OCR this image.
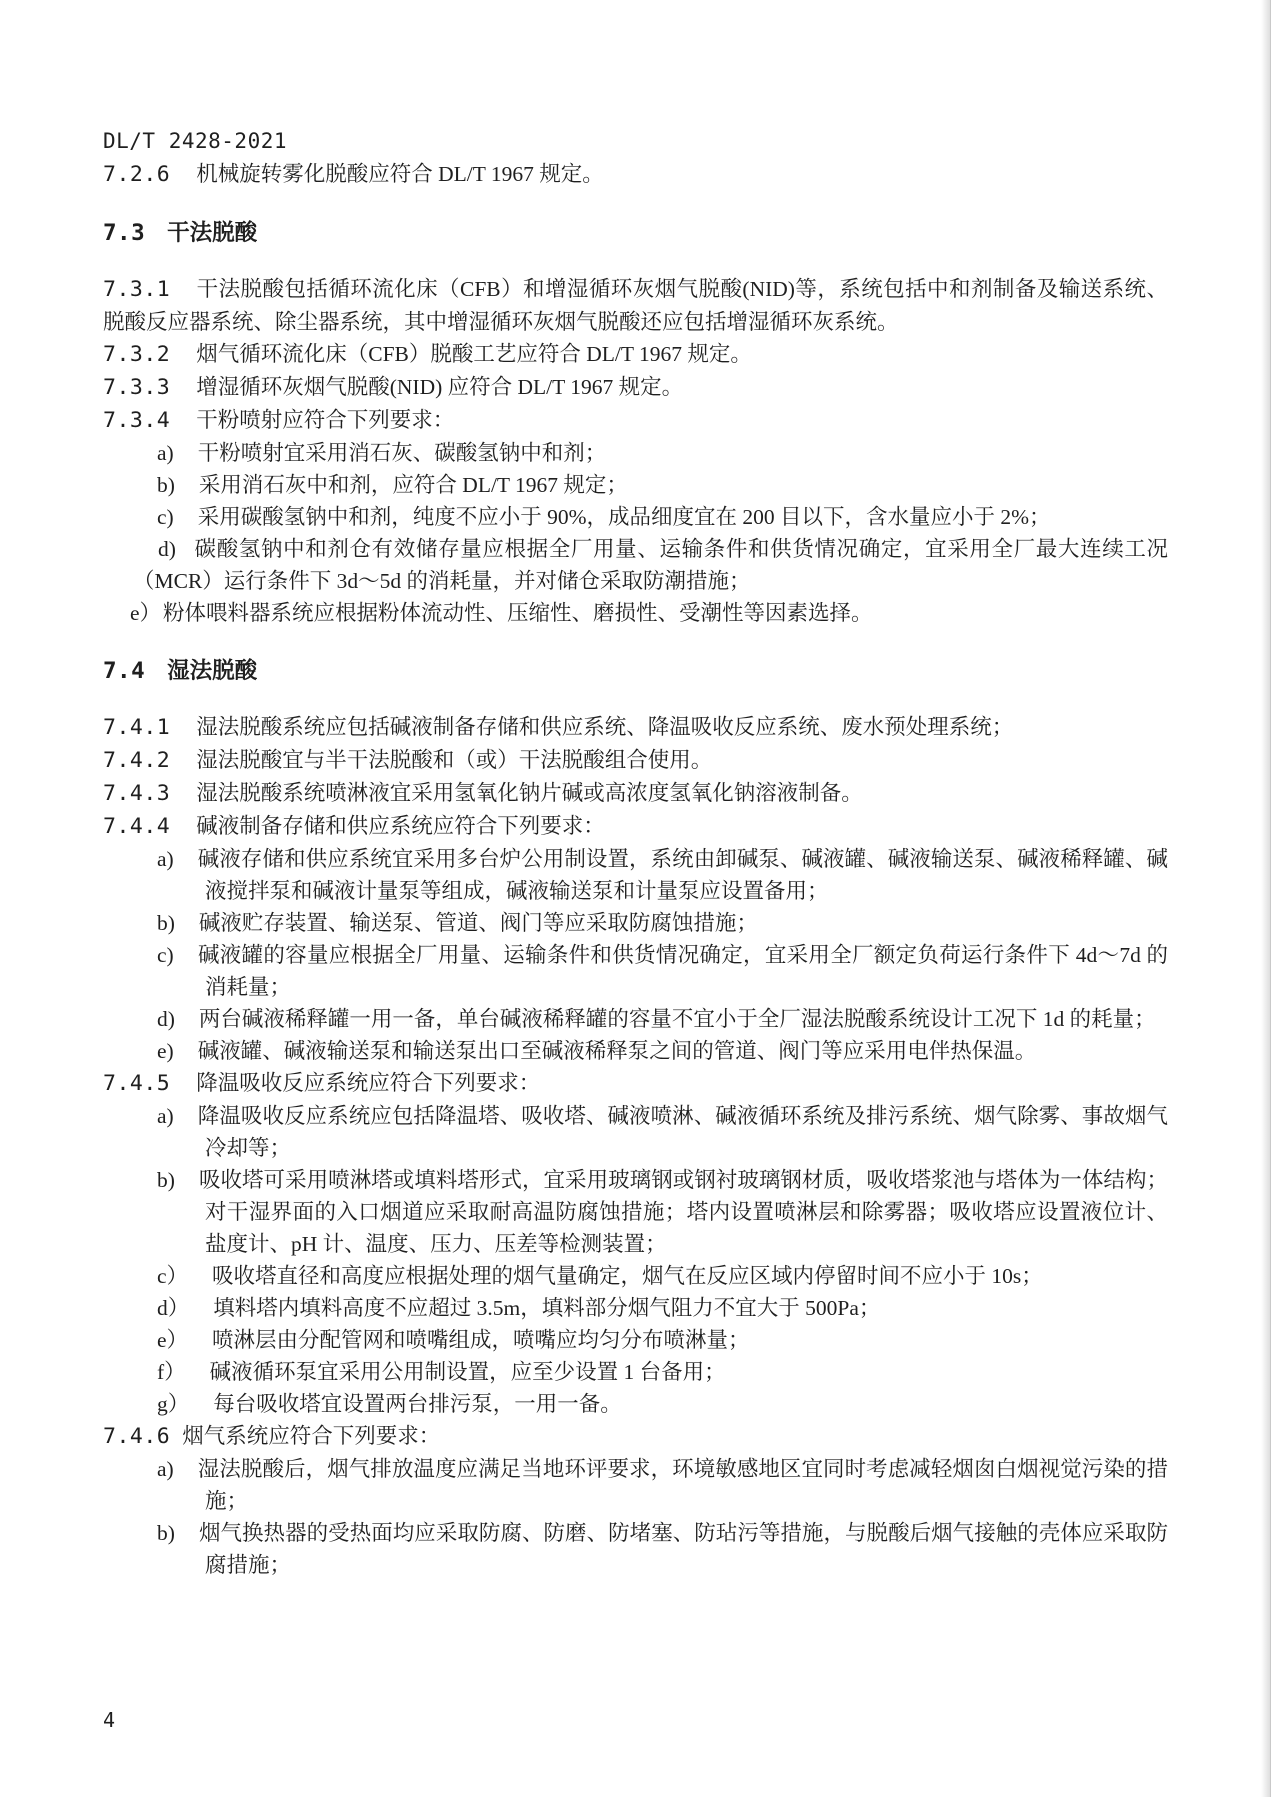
DL/T 2428-2021
7.2.6 机械旋转雾化脱酸应符合 DL/T 1967 规定。
7.3 干法脱酸
7.3.1 干法脱酸包括循环流化床（CFB）和增湿循环灰烟气脱酸(NID)等，系统包括中和剂制备及输送系统、脱酸反应器系统、除尘器系统，其中增湿循环灰烟气脱酸还应包括增湿循环灰系统。
7.3.2 烟气循环流化床（CFB）脱酸工艺应符合 DL/T 1967 规定。
7.3.3 增湿循环灰烟气脱酸(NID) 应符合 DL/T 1967 规定。
7.3.4 干粉喷射应符合下列要求：
a) 干粉喷射宜采用消石灰、碳酸氢钠中和剂；
b) 采用消石灰中和剂，应符合 DL/T 1967 规定；
c) 采用碳酸氢钠中和剂，纯度不应小于 90%，成品细度宜在 200 目以下，含水量应小于 2%；
d) 碳酸氢钠中和剂仓有效储存量应根据全厂用量、运输条件和供货情况确定，宜采用全厂最大连续工况（MCR）运行条件下 3d～5d 的消耗量，并对储仓采取防潮措施；
e）粉体喂料器系统应根据粉体流动性、压缩性、磨损性、受潮性等因素选择。
7.4 湿法脱酸
7.4.1 湿法脱酸系统应包括碱液制备存储和供应系统、降温吸收反应系统、废水预处理系统；
7.4.2 湿法脱酸宜与半干法脱酸和（或）干法脱酸组合使用。
7.4.3 湿法脱酸系统喷淋液宜采用氢氧化钠片碱或高浓度氢氧化钠溶液制备。
7.4.4 碱液制备存储和供应系统应符合下列要求：
a) 碱液存储和供应系统宜采用多台炉公用制设置，系统由卸碱泵、碱液罐、碱液输送泵、碱液稀释罐、碱液搅拌泵和碱液计量泵等组成，碱液输送泵和计量泵应设置备用；
b) 碱液贮存装置、输送泵、管道、阀门等应采取防腐蚀措施；
c) 碱液罐的容量应根据全厂用量、运输条件和供货情况确定，宜采用全厂额定负荷运行条件下 4d～7d 的消耗量；
d) 两台碱液稀释罐一用一备，单台碱液稀释罐的容量不宜小于全厂湿法脱酸系统设计工况下 1d 的耗量；
e) 碱液罐、碱液输送泵和输送泵出口至碱液稀释泵之间的管道、阀门等应采用电伴热保温。
7.4.5 降温吸收反应系统应符合下列要求：
a) 降温吸收反应系统应包括降温塔、吸收塔、碱液喷淋、碱液循环系统及排污系统、烟气除雾、事故烟气冷却等；
b) 吸收塔可采用喷淋塔或填料塔形式，宜采用玻璃钢或钢衬玻璃钢材质，吸收塔浆池与塔体为一体结构；对干湿界面的入口烟道应采取耐高温防腐蚀措施；塔内设置喷淋层和除雾器；吸收塔应设置液位计、盐度计、pH 计、温度、压力、压差等检测装置；
c） 吸收塔直径和高度应根据处理的烟气量确定，烟气在反应区域内停留时间不应小于 10s；
d） 填料塔内填料高度不应超过 3.5m，填料部分烟气阻力不宜大于 500Pa；
e） 喷淋层由分配管网和喷嘴组成，喷嘴应均匀分布喷淋量；
f） 碱液循环泵宜采用公用制设置，应至少设置 1 台备用；
g） 每台吸收塔宜设置两台排污泵，一用一备。
7.4.6 烟气系统应符合下列要求：
a) 湿法脱酸后，烟气排放温度应满足当地环评要求，环境敏感地区宜同时考虑减轻烟囱白烟视觉污染的措施；
b) 烟气换热器的受热面均应采取防腐、防磨、防堵塞、防玷污等措施，与脱酸后烟气接触的壳体应采取防腐措施；
4
